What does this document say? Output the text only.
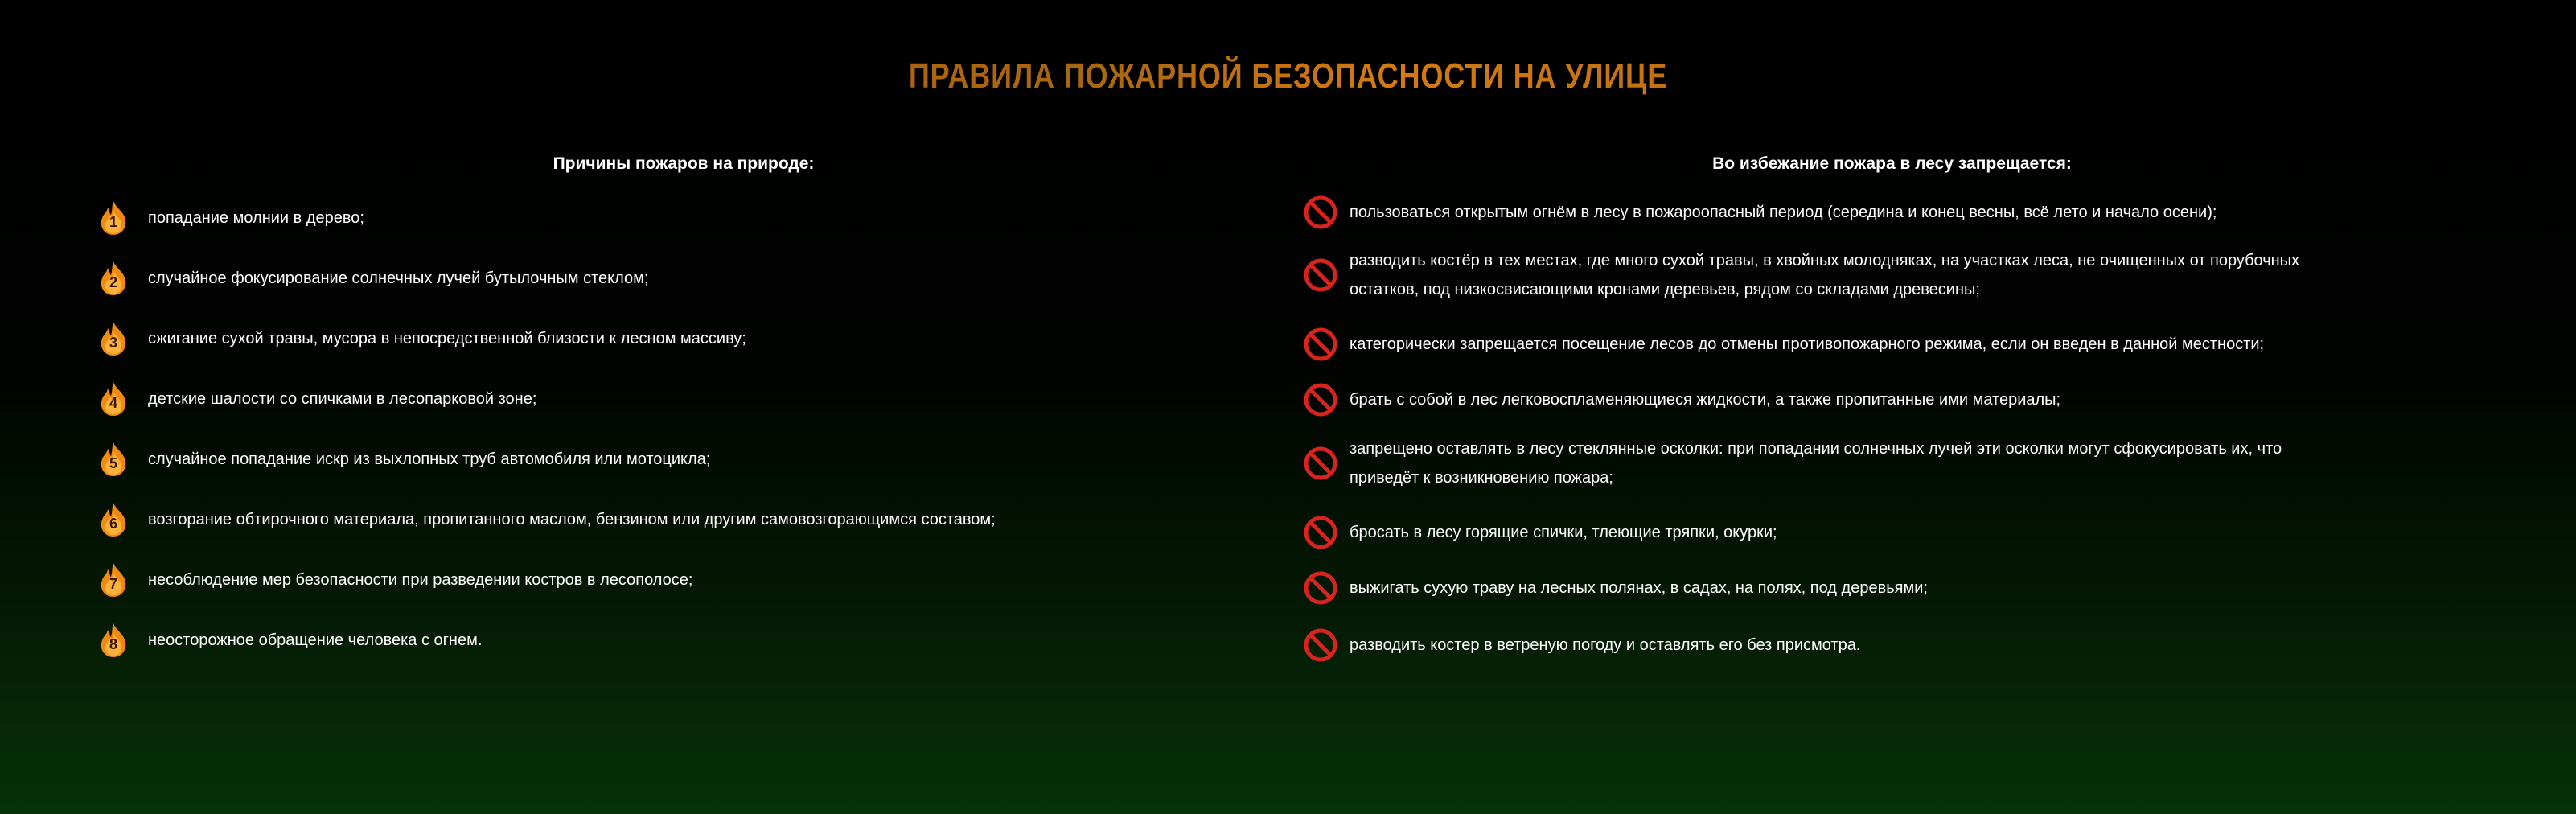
ПРАВИЛА ПОЖАРНОЙ БЕЗОПАСНОСТИ НА УЛИЦЕ
Причины пожаров на природе:	Во избежание пожара в лесу запрещается:
1	попадание молнии в дерево;
2	случайное фокусирование солнечных лучей бутылочным стеклом;
3	сжигание сухой травы, мусора в непосредственной близости к лесном массиву;
4	детские шалости со спичками в лесопарковой зоне;
5	случайное попадание искр из выхлопных труб автомобиля или мотоцикла;
6	возгорание обтирочного материала, пропитанного маслом, бензином или другим самовозгорающимся составом;
7	несоблюдение мер безопасности при разведении костров в лесополосе;
8	неосторожное обращение человека с огнем.
пользоваться открытым огнём в лесу в пожароопасный период (середина и конец весны, всё лето и начало осени);
разводить костёр в тех местах, где много сухой травы, в хвойных молодняках, на участках леса, не очищенных от порубочных
остатков, под низкосвисающими кронами деревьев, рядом со складами древесины;
категорически запрещается посещение лесов до отмены противопожарного режима, если он введен в данной местности;
брать с собой в лес легковоспламеняющиеся жидкости, а также пропитанные ими материалы;
запрещено оставлять в лесу стеклянные осколки: при попадании солнечных лучей эти осколки могут сфокусировать их, что
приведёт к возникновению пожара;
бросать в лесу горящие спички, тлеющие тряпки, окурки;
выжигать сухую траву на лесных полянах, в садах, на полях, под деревьями;
разводить костер в ветреную погоду и оставлять его без присмотра.
